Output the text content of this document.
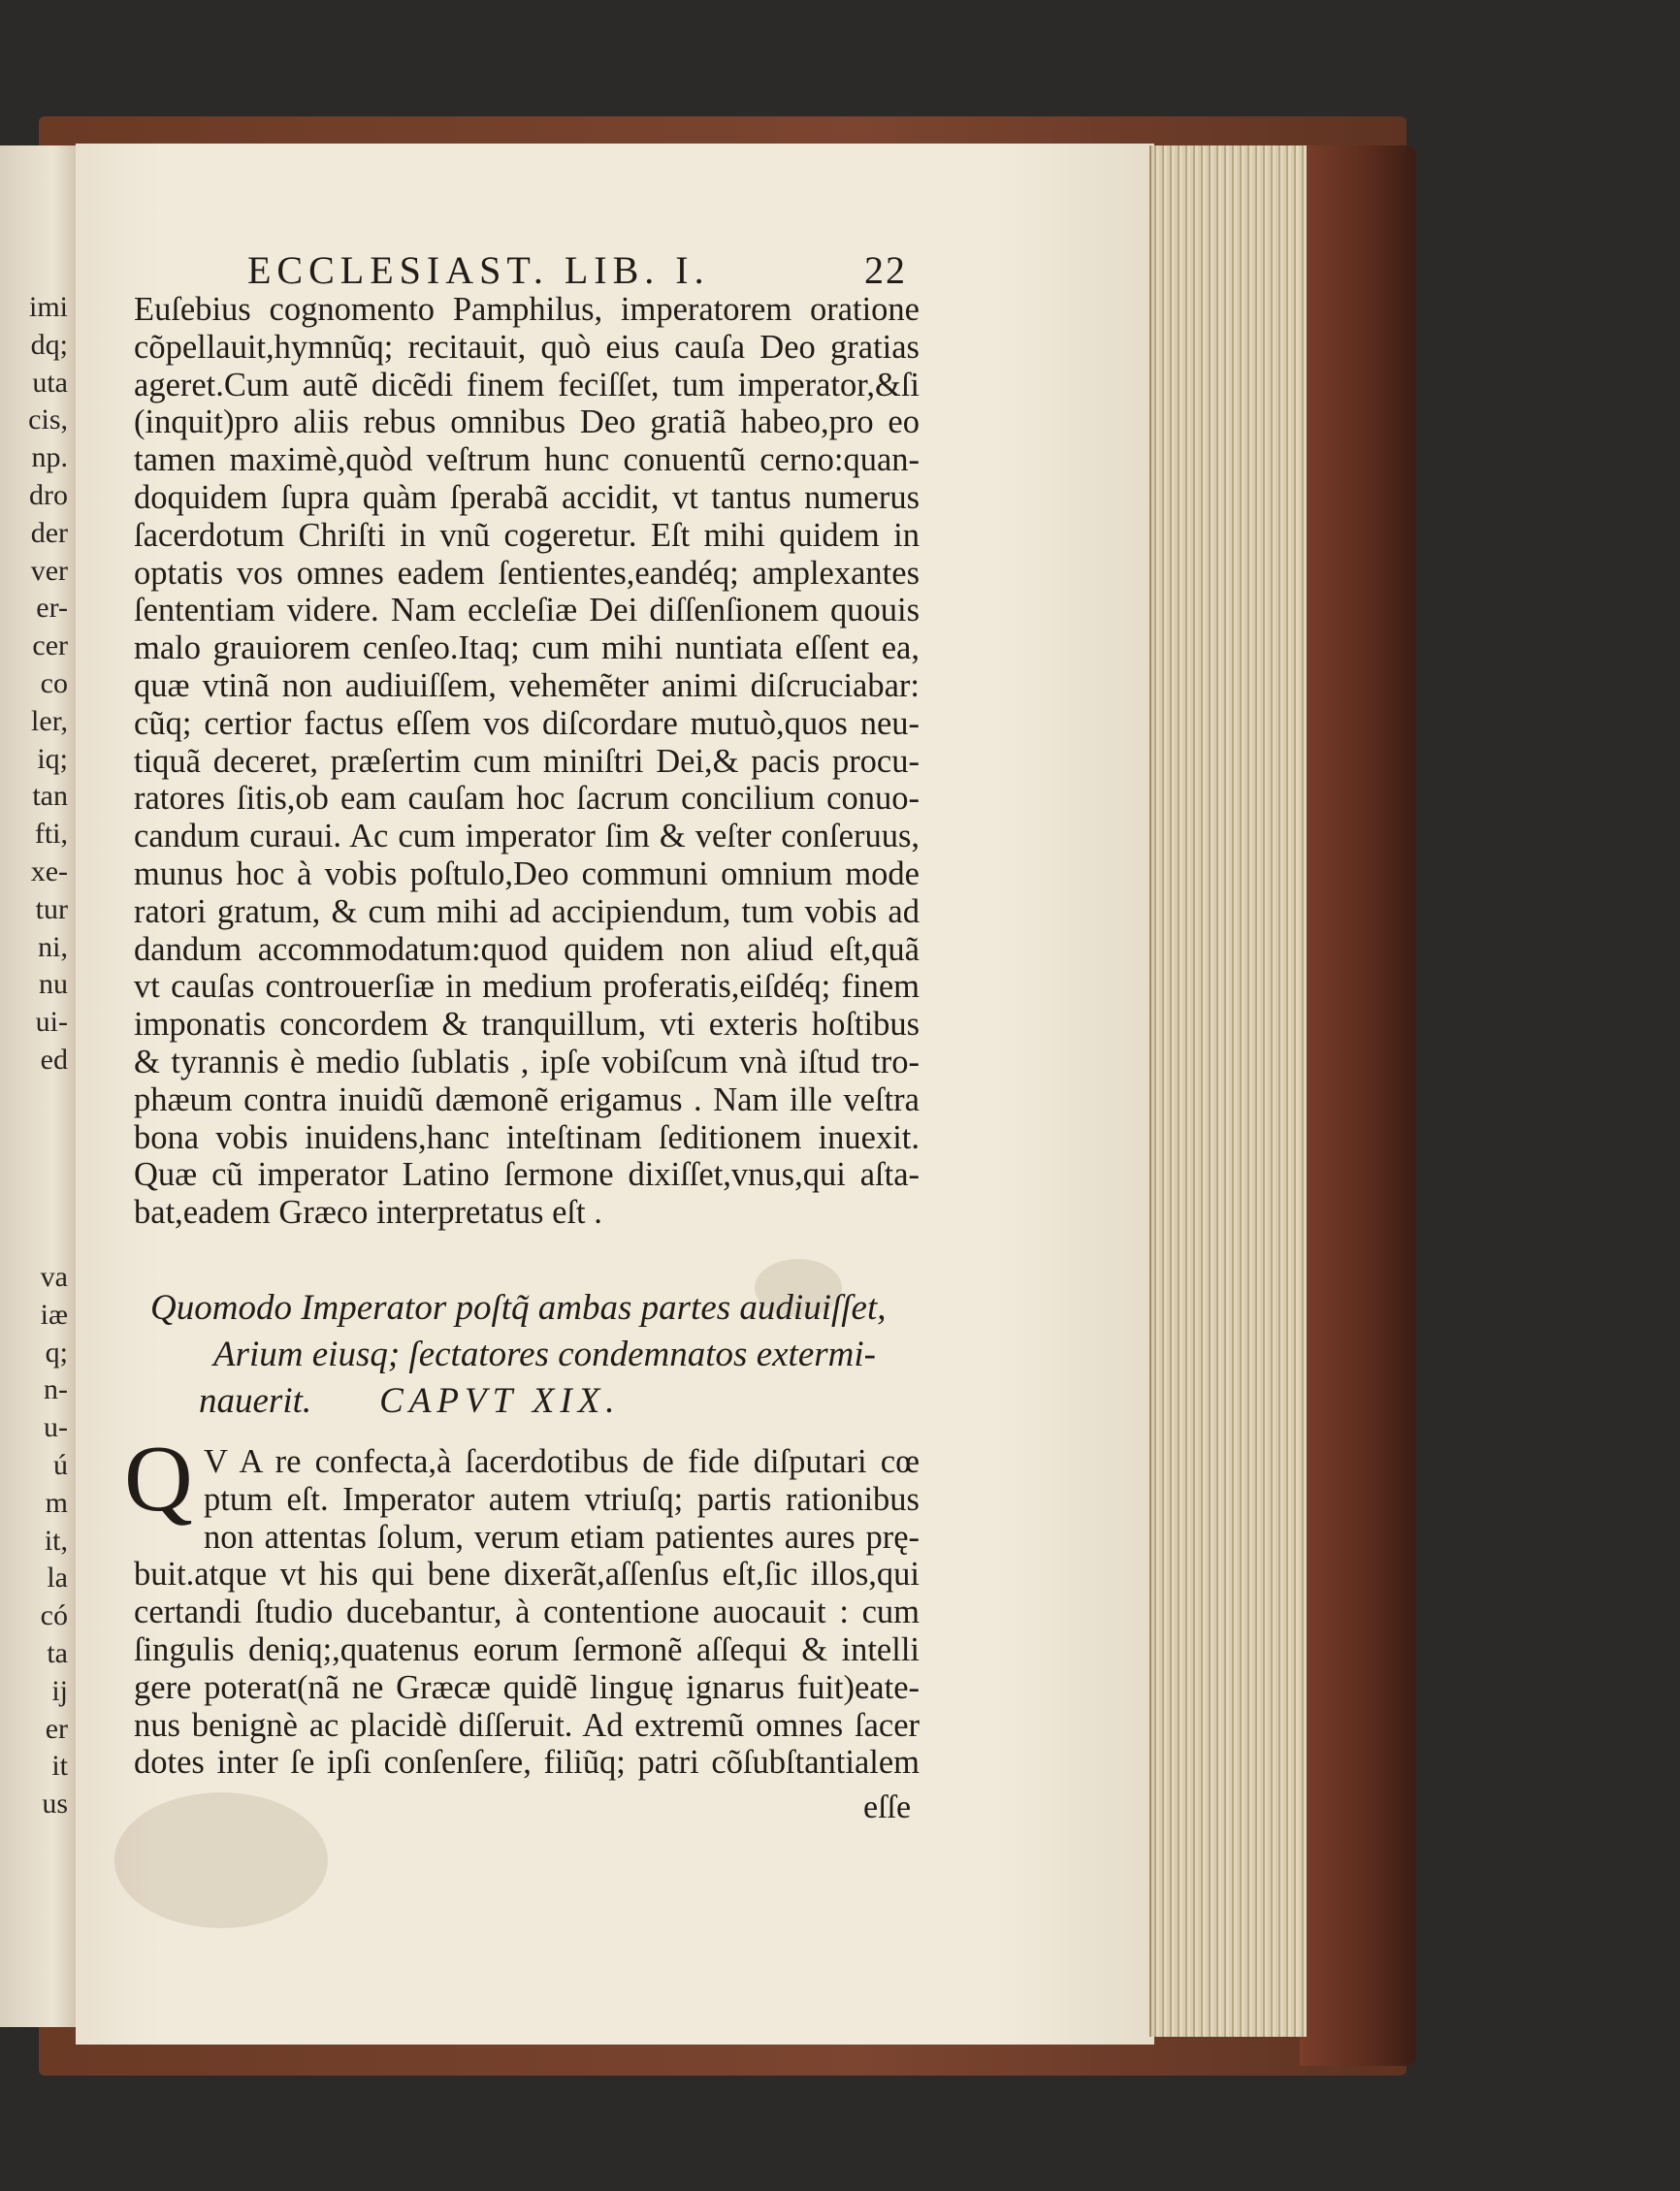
imi
dq;
uta
cis,
np.
dro
der
ver
er-
cer
co
ler,
iq;
tan
fti,
xe-
tur
ni,
nu
ui-
ed
va
iæ
q;
n-
u-
ú
m
it,
la
có
ta
ij
er
it
us
ECCLESIAST. LIB. I.	22
Euſebius cognomento Pamphilus, imperatorem oratione
cõpellauit,hymnũq; recitauit, quò eius cauſa Deo gratias
ageret.Cum autẽ dicẽdi finem feciſſet, tum imperator,&ſi
(inquit)pro aliis rebus omnibus Deo gratiã habeo,pro eo
tamen maximè,quòd veſtrum hunc conuentũ cerno:quan-
doquidem ſupra quàm ſperabã accidit, vt tantus numerus
ſacerdotum Chriſti in vnũ cogeretur. Eſt mihi quidem in
optatis vos omnes eadem ſentientes,eandéq; amplexantes
ſententiam videre. Nam eccleſiæ Dei diſſenſionem quouis
malo grauiorem cenſeo.Itaq; cum mihi nuntiata eſſent ea,
quæ vtinã non audiuiſſem, vehemẽter animi diſcruciabar:
cũq; certior factus eſſem vos diſcordare mutuò,quos neu-
tiquã deceret, præſertim cum miniſtri Dei,& pacis procu-
ratores ſitis,ob eam cauſam hoc ſacrum concilium conuo-
candum curaui. Ac cum imperator ſim & veſter conſeruus,
munus hoc à vobis poſtulo,Deo communi omnium mode
ratori gratum, & cum mihi ad accipiendum, tum vobis ad
dandum accommodatum:quod quidem non aliud eſt,quã
vt cauſas controuerſiæ in medium proferatis,eiſdéq; finem
imponatis concordem & tranquillum, vti exteris hoſtibus
& tyrannis è medio ſublatis , ipſe vobiſcum vnà iſtud tro-
phæum contra inuidũ dæmonẽ erigamus . Nam ille veſtra
bona vobis inuidens,hanc inteſtinam ſeditionem inuexit.
Quæ cũ imperator Latino ſermone dixiſſet,vnus,qui aſta-
bat,eadem Græco interpretatus eſt .
Quomodo Imperator poſtq̃ ambas partes audiuiſſet,
Arium eiusq; ſectatores condemnatos extermi-
nauerit. CAPVT XIX.
Q V A re confecta,à ſacerdotibus de fide diſputari cœ
ptum eſt. Imperator autem vtriuſq; partis rationibus
non attentas ſolum, verum etiam patientes aures prę-
buit.atque vt his qui bene dixerãt,aſſenſus eſt,ſic illos,qui
certandi ſtudio ducebantur, à contentione auocauit : cum
ſingulis deniq;,quatenus eorum ſermonẽ aſſequi & intelli
gere poterat(nã ne Græcæ quidẽ linguę ignarus fuit)eate-
nus benignè ac placidè diſſeruit. Ad extremũ omnes ſacer
dotes inter ſe ipſi conſenſere, filiũq; patri cõſubſtantialem
eſſe
